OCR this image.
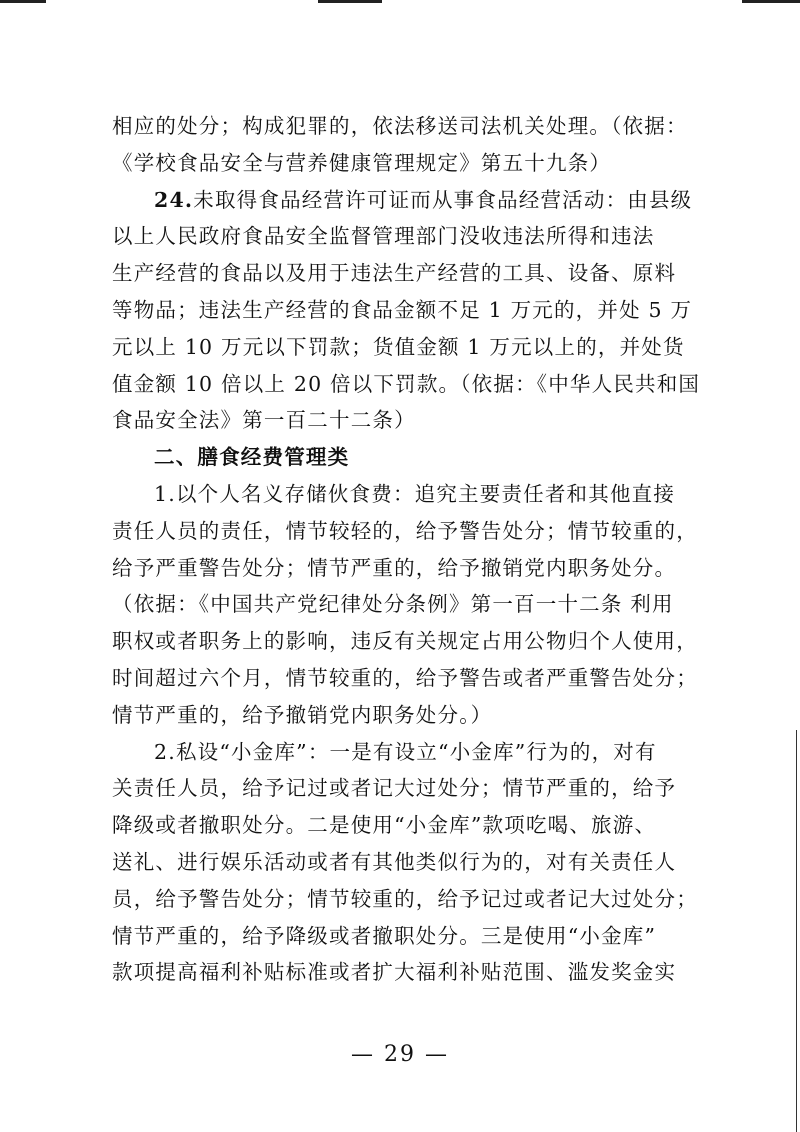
相应的处分；构成犯罪的，依法移送司法机关处理。（依据：
《学校食品安全与营养健康管理规定》第五十九条）
24.未取得食品经营许可证而从事食品经营活动：由县级
以上人民政府食品安全监督管理部门没收违法所得和违法
生产经营的食品以及用于违法生产经营的工具、设备、原料
等物品；违法生产经营的食品金额不足 1 万元的，并处 5 万
元以上 10 万元以下罚款；货值金额 1 万元以上的，并处货
值金额 10 倍以上 20 倍以下罚款。（依据：《中华人民共和国
食品安全法》第一百二十二条）
二、膳食经费管理类
1.以个人名义存储伙食费：追究主要责任者和其他直接
责任人员的责任，情节较轻的，给予警告处分；情节较重的，
给予严重警告处分；情节严重的，给予撤销党内职务处分。
（依据：《中国共产党纪律处分条例》第一百一十二条 利用
职权或者职务上的影响，违反有关规定占用公物归个人使用，
时间超过六个月，情节较重的，给予警告或者严重警告处分；
情节严重的，给予撤销党内职务处分。）
2.私设“小金库”：一是有设立“小金库”行为的，对有
关责任人员，给予记过或者记大过处分；情节严重的，给予
降级或者撤职处分。二是使用“小金库”款项吃喝、旅游、
送礼、进行娱乐活动或者有其他类似行为的，对有关责任人
员，给予警告处分；情节较重的，给予记过或者记大过处分；
情节严重的，给予降级或者撤职处分。三是使用“小金库”
款项提高福利补贴标准或者扩大福利补贴范围、滥发奖金实
— 29 —
